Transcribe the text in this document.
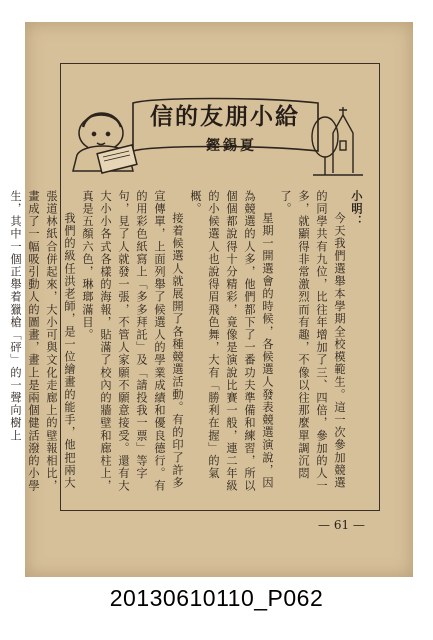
信的友朋小給
鏗錫夏

小明：

今天我們選舉本學期全校模範生。這一次參加競選的同學共有九位，比往年增加了三、四倍，參加的人一多，就顯得非常激烈而有趣，不像以往那麼單調沉悶了。

星期一開選會的時候，各候選人發表競選演說，因為競選的人多，他們都下了一番功夫準備和練習，所以個個都說得十分精彩，竟像是演說比賽一般，連二年級的小候選人也說得眉飛色舞，大有「勝利在握」的氣概。

接着候選人就展開了各種競選活動。有的印了許多宣傳單，上面列舉了候選人的學業成績和優良德行。有的用彩色紙寫上「多多拜託」及「請投我一票」等字句，見了人就發一張，不管人家願不願意接受。還有大大小小各式各樣的海報，貼滿了校內的牆壁和廊柱上，真是五顏六色，琳瑯滿目。

我們的級任洪老師，是一位繪畫的能手，他把兩大張道林紙合併起來，大小可與文化走廊上的壁報相比，畫成了一幅吸引動人的圖畫，畫上是兩個健活潑的小學生，其中一個正舉着獵槍「砰」的一聲向樹上

— 61 —
20130610110_P062
